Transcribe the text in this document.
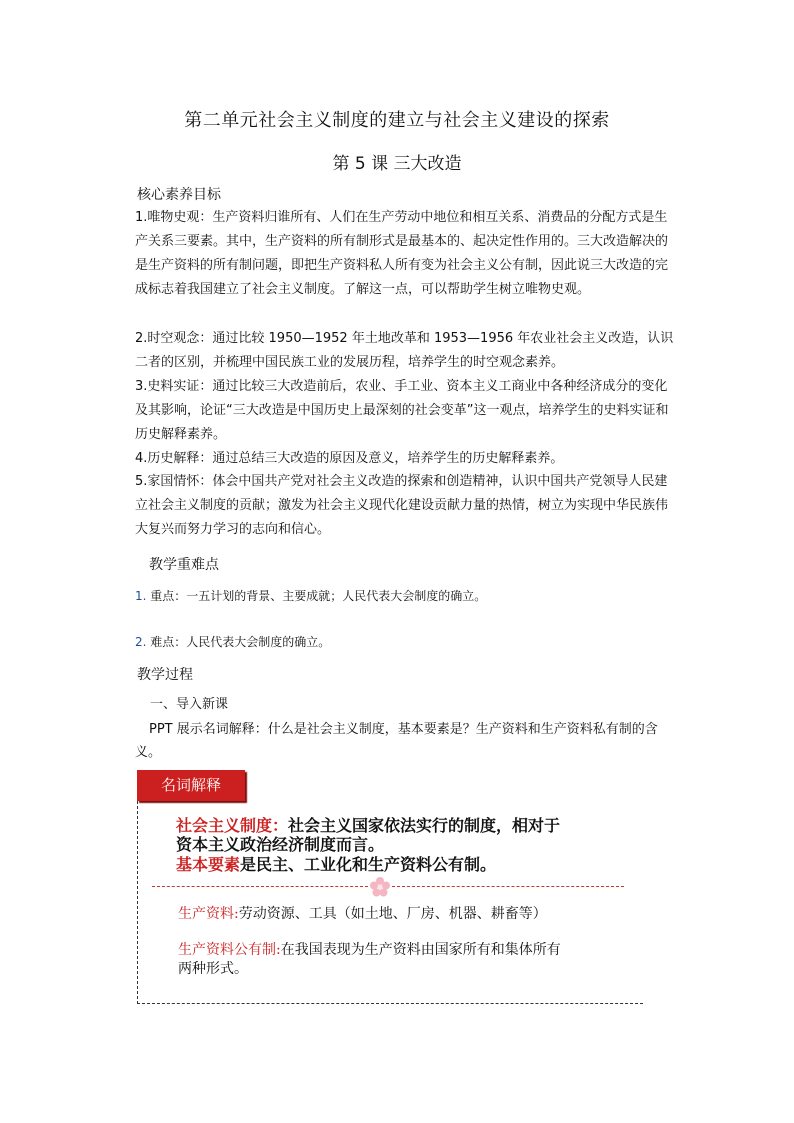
第二单元社会主义制度的建立与社会主义建设的探索
第 5 课 三大改造
核心素养目标
1.唯物史观：生产资料归谁所有、人们在生产劳动中地位和相互关系、消费品的分配方式是生产关系三要素。其中，生产资料的所有制形式是最基本的、起决定性作用的。三大改造解决的是生产资料的所有制问题，即把生产资料私人所有变为社会主义公有制，因此说三大改造的完成标志着我国建立了社会主义制度。了解这一点，可以帮助学生树立唯物史观。
2.时空观念：通过比较 1950—1952 年土地改革和 1953—1956 年农业社会主义改造，认识二者的区别，并梳理中国民族工业的发展历程，培养学生的时空观念素养。
3.史料实证：通过比较三大改造前后，农业、手工业、资本主义工商业中各种经济成分的变化及其影响，论证“三大改造是中国历史上最深刻的社会变革”这一观点，培养学生的史料实证和历史解释素养。
4.历史解释：通过总结三大改造的原因及意义，培养学生的历史解释素养。
5.家国情怀：体会中国共产党对社会主义改造的探索和创造精神，认识中国共产党领导人民建立社会主义制度的贡献；激发为社会主义现代化建设贡献力量的热情，树立为实现中华民族伟大复兴而努力学习的志向和信心。
教学重难点
1. 重点：一五计划的背景、主要成就；人民代表大会制度的确立。
2. 难点：人民代表大会制度的确立。
教学过程
一、导入新课
PPT 展示名词解释：什么是社会主义制度，基本要素是？生产资料和生产资料私有制的含义。
名词解释
社会主义制度：社会主义国家依法实行的制度，相对于
资本主义政治经济制度而言。
基本要素是民主、工业化和生产资料公有制。
生产资料:劳动资源、工具（如土地、厂房、机器、耕畜等）
生产资料公有制:在我国表现为生产资料由国家所有和集体所有
两种形式。
